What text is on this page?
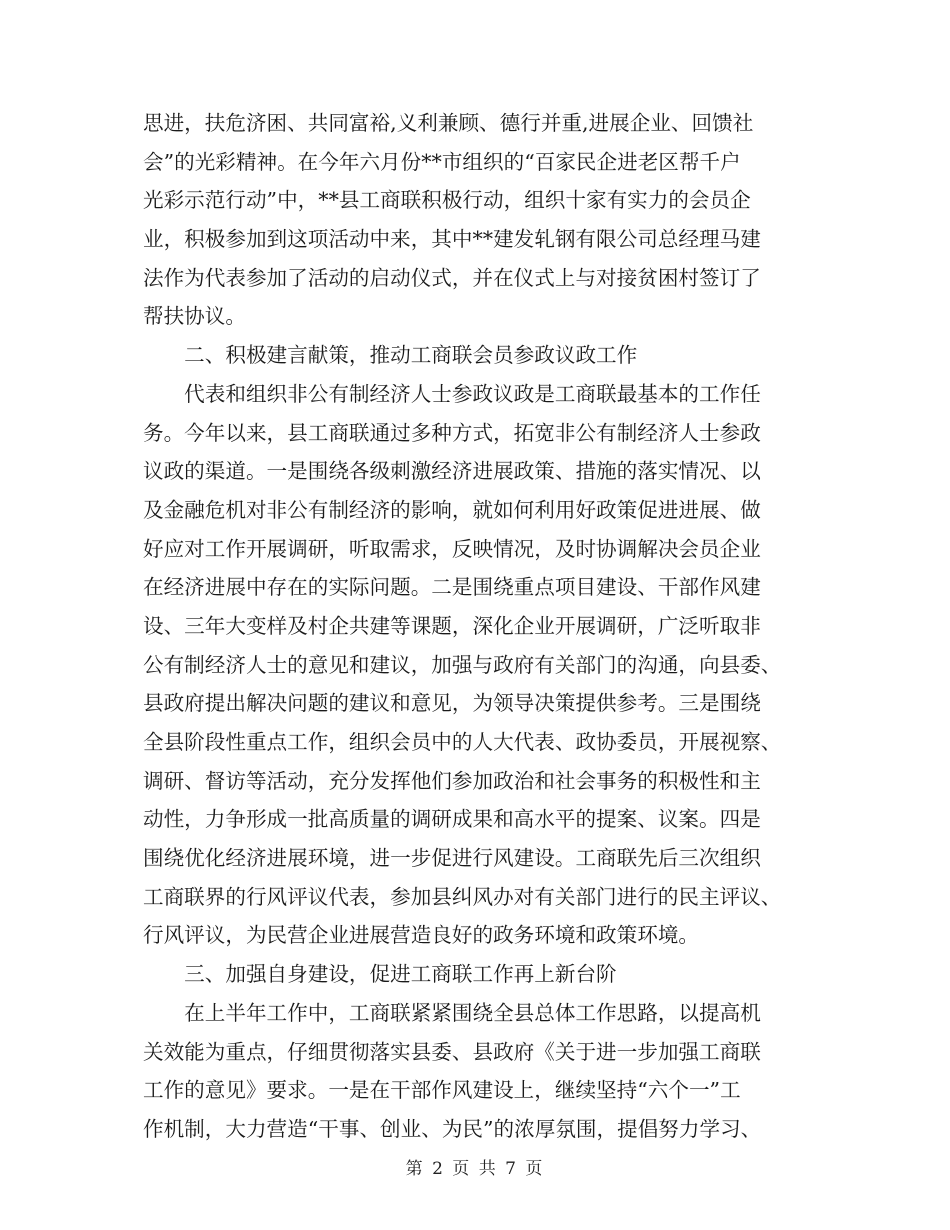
思进，扶危济困、共同富裕,义利兼顾、德行并重,进展企业、回馈社
会”的光彩精神。在今年六月份**市组织的“百家民企进老区帮千户
光彩示范行动”中，**县工商联积极行动，组织十家有实力的会员企
业，积极参加到这项活动中来，其中**建发轧钢有限公司总经理马建
法作为代表参加了活动的启动仪式，并在仪式上与对接贫困村签订了
帮扶协议。
　　二、积极建言献策，推动工商联会员参政议政工作
　　代表和组织非公有制经济人士参政议政是工商联最基本的工作任
务。今年以来，县工商联通过多种方式，拓宽非公有制经济人士参政
议政的渠道。一是围绕各级刺激经济进展政策、措施的落实情况、以
及金融危机对非公有制经济的影响，就如何利用好政策促进进展、做
好应对工作开展调研，听取需求，反映情况，及时协调解决会员企业
在经济进展中存在的实际问题。二是围绕重点项目建设、干部作风建
设、三年大变样及村企共建等课题，深化企业开展调研，广泛听取非
公有制经济人士的意见和建议，加强与政府有关部门的沟通，向县委、
县政府提出解决问题的建议和意见，为领导决策提供参考。三是围绕
全县阶段性重点工作，组织会员中的人大代表、政协委员，开展视察、
调研、督访等活动，充分发挥他们参加政治和社会事务的积极性和主
动性，力争形成一批高质量的调研成果和高水平的提案、议案。四是
围绕优化经济进展环境，进一步促进行风建设。工商联先后三次组织
工商联界的行风评议代表，参加县纠风办对有关部门进行的民主评议、
行风评议，为民营企业进展营造良好的政务环境和政策环境。
　　三、加强自身建设，促进工商联工作再上新台阶
　　在上半年工作中，工商联紧紧围绕全县总体工作思路，以提高机
关效能为重点，仔细贯彻落实县委、县政府《关于进一步加强工商联
工作的意见》要求。一是在干部作风建设上，继续坚持“六个一”工
作机制，大力营造“干事、创业、为民”的浓厚氛围，提倡努力学习、

第 2 页 共 7 页
